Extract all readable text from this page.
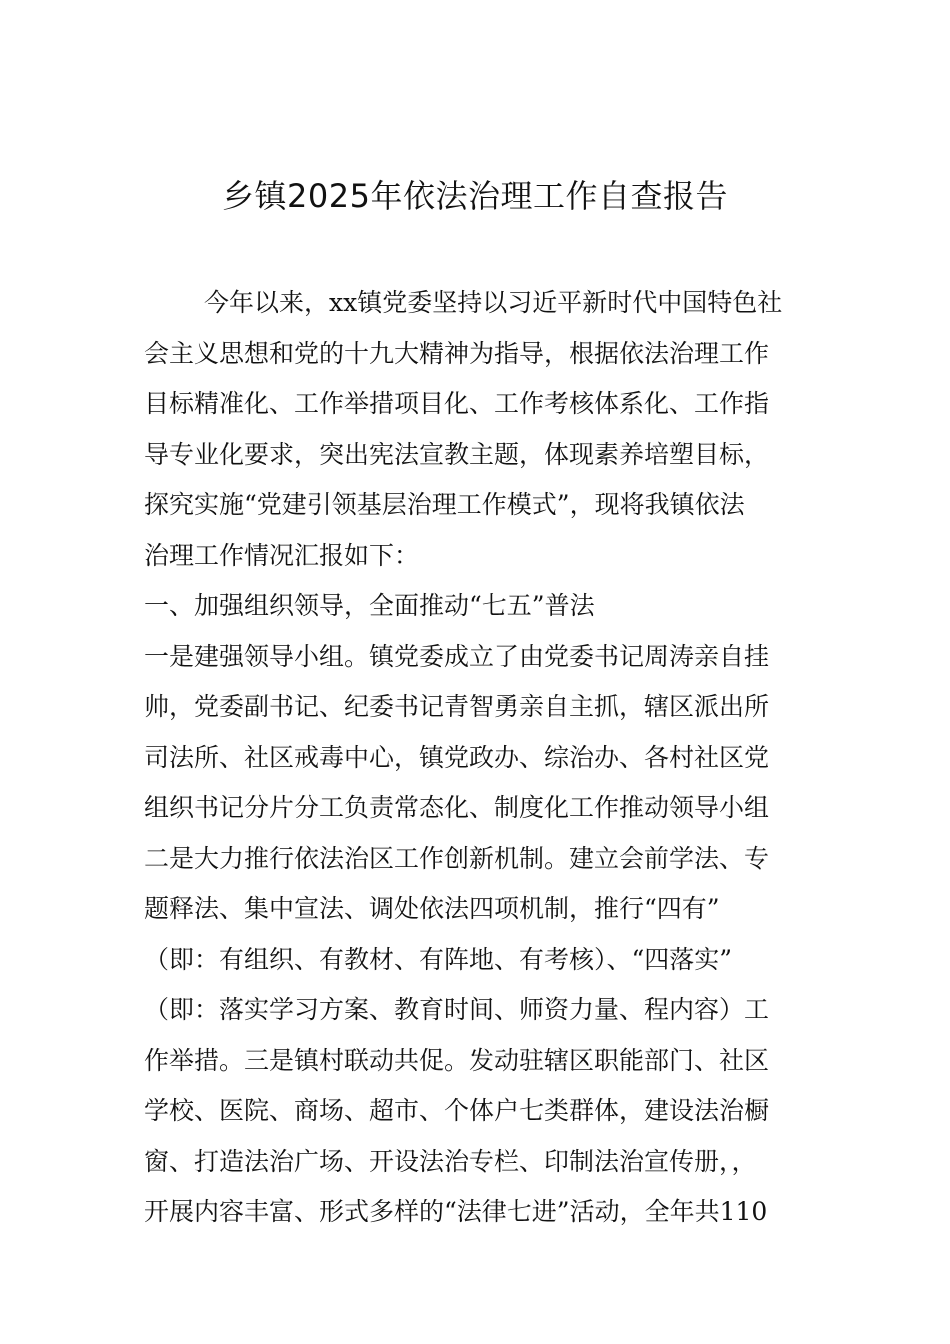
乡镇2025年依法治理工作自查报告
今年以来，xx镇党委坚持以习近平新时代中国特色社
会主义思想和党的十九大精神为指导，根据依法治理工作
目标精准化、工作举措项目化、工作考核体系化、工作指
导专业化要求，突出宪法宣教主题，体现素养培塑目标，
探究实施“党建引领基层治理工作模式”，现将我镇依法
治理工作情况汇报如下：
一、加强组织领导，全面推动“七五”普法
一是建强领导小组。镇党委成立了由党委书记周涛亲自挂
帅，党委副书记、纪委书记青智勇亲自主抓，辖区派出所
司法所、社区戒毒中心，镇党政办、综治办、各村社区党
组织书记分片分工负责常态化、制度化工作推动领导小组
二是大力推行依法治区工作创新机制。建立会前学法、专
题释法、集中宣法、调处依法四项机制，推行“四有”
（即：有组织、有教材、有阵地、有考核）、“四落实”
（即：落实学习方案、教育时间、师资力量、程内容）工
作举措。三是镇村联动共促。发动驻辖区职能部门、社区
学校、医院、商场、超市、个体户七类群体，建设法治橱
窗、打造法治广场、开设法治专栏、印制法治宣传册，，
开展内容丰富、形式多样的“法律七进”活动，全年共110
